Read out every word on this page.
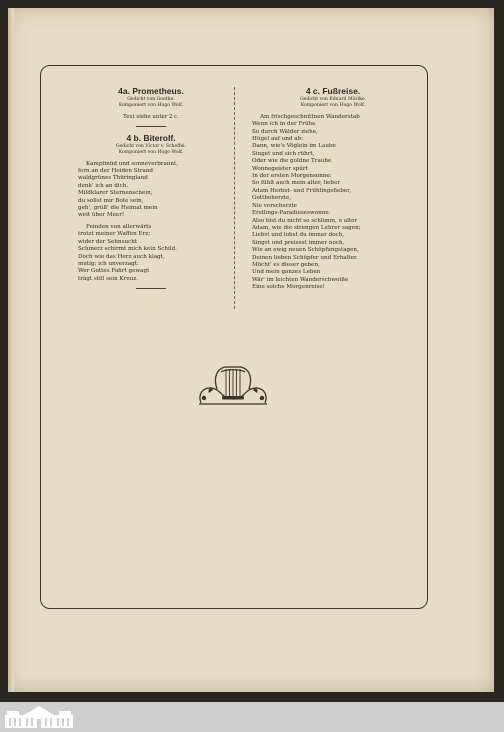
4a. Prometheus.

Gedicht von Goethe.

Komponiert von Hugo Wolf.

Text siehe unter 2 c.

4 b. Biterolf.

Gedicht von Victor v. Scheffel.

Komponiert von Hugo Wolf.

Kampfmüd und sonneverbrannt,

fern an der Heiden Strand

waldgrünes Thüringland

denk' ich an dich.

Mildklarer Sternenschein,

du sollst mir Bote sein,

geh', grüß' die Heimat mein

weit über Meer!

Feinden von allerwärts

trotzt meiner Waffen Erz;

wider der Sehnsucht

Schmerz schirmt mich kein Schild.

Doch wie das Herz auch klagt,

mutig; ich unverzagt:

Wer Gottes Fahrt gewagt

trägt still sein Kreuz.

4 c. Fußreise.

Gedicht von Eduard Mörike.

Komponiert von Hugo Wolf.

Am frischgeschnittnen Wanderstab

Wenn ich in der Frühe

So durch Wälder ziehe,

Hügel auf und ab:

Dann, wie's Vöglein im Laube

Singet und sich rührt,

Oder wie die goldne Traube

Wonnegeister spürt

In der ersten Morgensonne:

So fühlt auch mein alter, lieber

Adam Herbst- und Frühlingsfieber,

Gottbeherzte,

Nie verscherzte

Erstlings-Paradieseswonne.

Also bist du nicht so schlimm, o alter

Adam, wie die strengen Lehrer sagen;

Liebst und lobst du immer doch,

Singst und preisest immer noch,

Wie an ewig neuen Schöpfungstagen,

Deinen lieben Schöpfer und Erhalter.

Möcht' es dieser geben,

Und mein ganzes Leben

Wär' im leichten Wanderschweiße

Eine solche Morgenreise!
